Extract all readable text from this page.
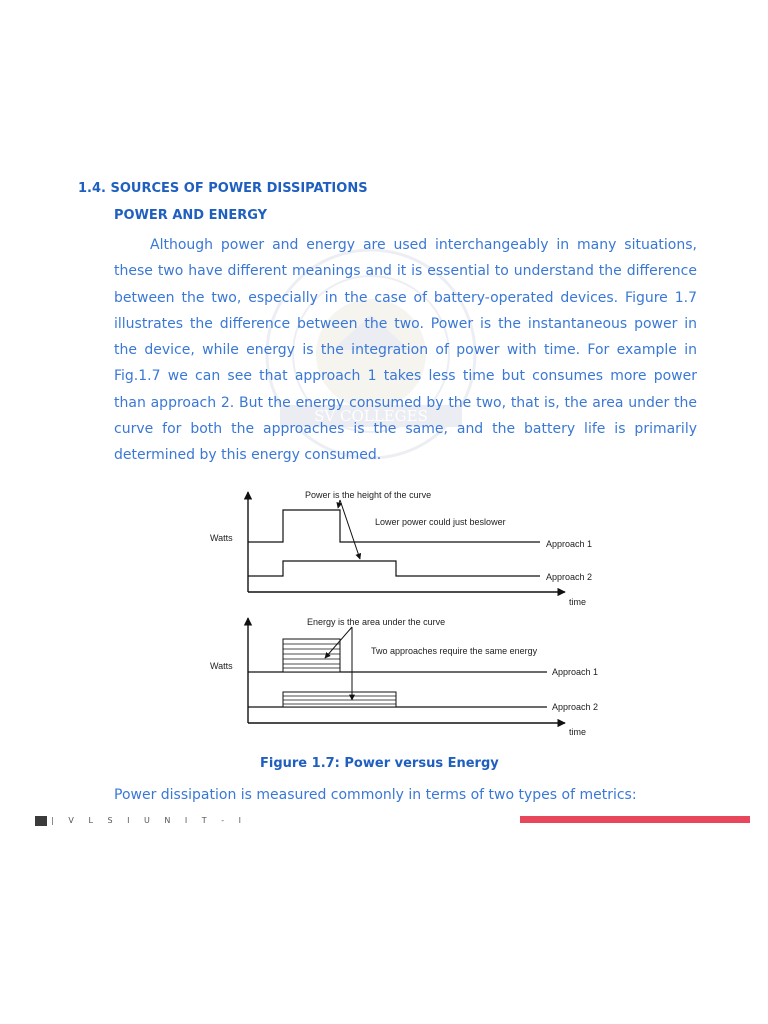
1.4. SOURCES OF POWER DISSIPATIONS
POWER AND ENERGY
SV COLLEGES

Although power and energy are used interchangeably in many situations, these two have different meanings and it is essential to understand the difference between the two, especially in the case of battery-operated devices. Figure 1.7 illustrates the difference between the two. Power is the instantaneous power in the device, while energy is the integration of power with time. For example in Fig.1.7 we can see that approach 1 takes less time but consumes more power than approach 2. But the energy consumed by the two, that is, the area under the curve for both the approaches is the same, and the battery life is primarily determined by this energy consumed.

Power is the height of the curve
Lower power could just beslower
Watts
Approach 1
Approach 2
time
Energy is the area under the curve
Two approaches require the same energy
Watts
Approach 1
Approach 2
time

Figure 1.7: Power versus Energy

Power dissipation is measured commonly in terms of two types of metrics:

11 | V L S I U N I T - I
